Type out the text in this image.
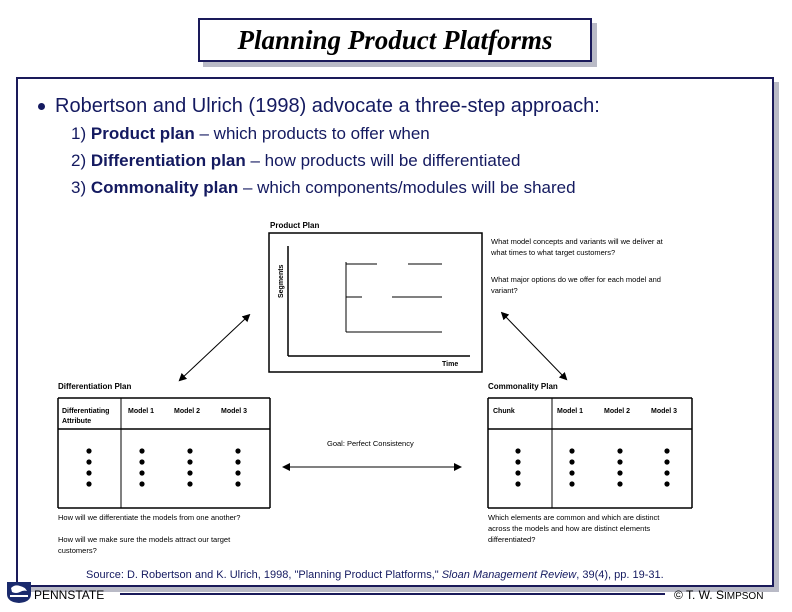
Planning Product Platforms
Robertson and Ulrich (1998) advocate a three-step approach:
1) Product plan – which products to offer when
2) Differentiation plan – how products will be differentiated
3) Commonality plan – which components/modules will be shared
Product Plan
Segments
Time
What model concepts and variants will we deliver at
what times to what target customers?
What major options do we offer for each model and
variant?
Differentiation Plan
Differentiating
Attribute
Model 1	Model 2	Model 3
How will we differentiate the models from one another?
How will we make sure the models attract our target
customers?
Goal: Perfect Consistency
Commonality Plan
Chunk	Model 1	Model 2	Model 3
Which elements are common and which are distinct
across the models and how are distinct elements
differentiated?
Source: D. Robertson and K. Ulrich, 1998, "Planning Product Platforms," Sloan Management Review, 39(4), pp. 19-31.
PENNSTATE	© T. W. SIMPSON
